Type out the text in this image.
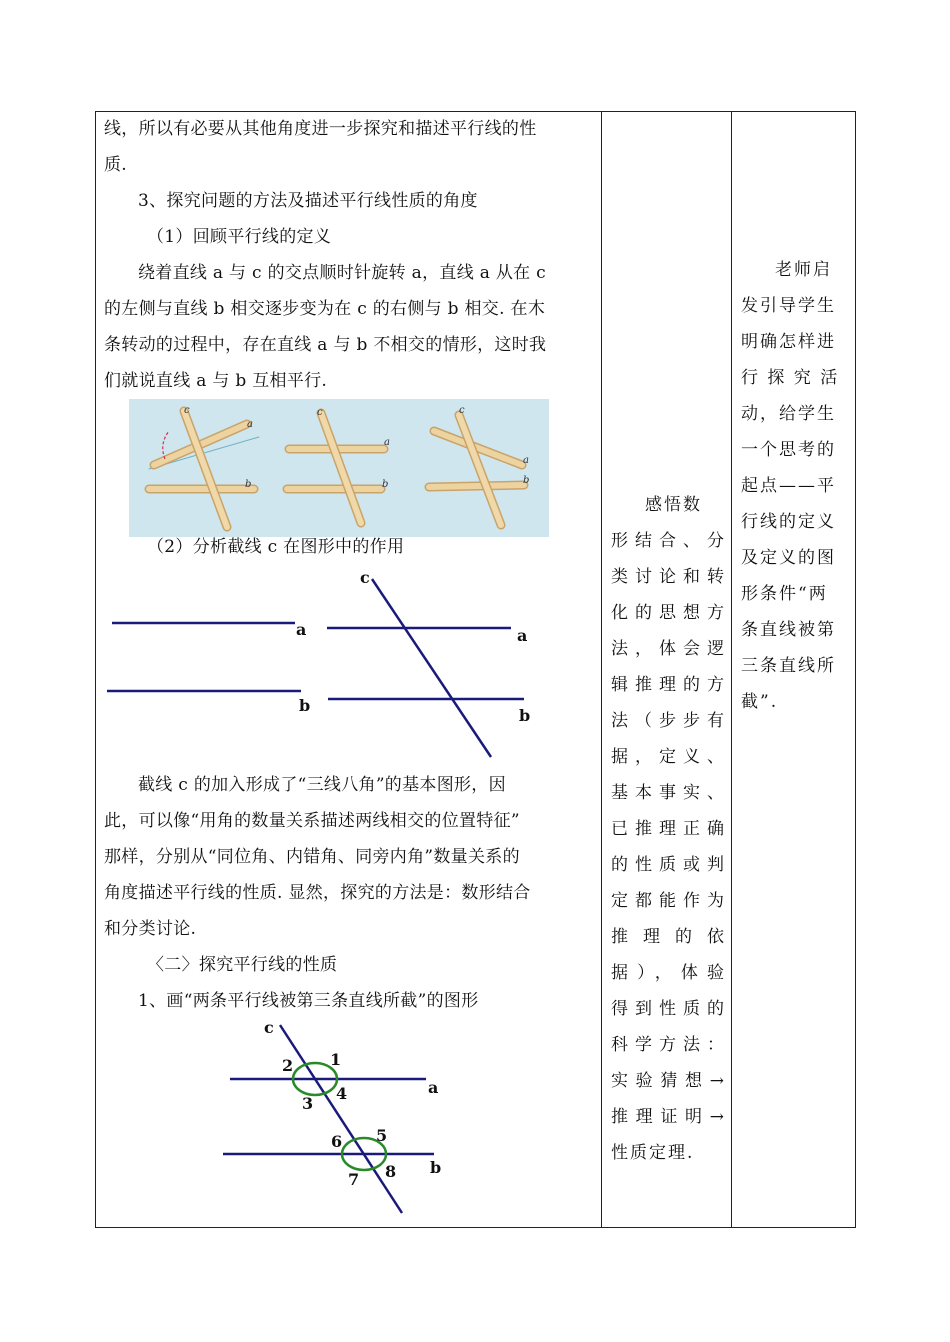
线，所以有必要从其他角度进一步探究和描述平行线的性

质.

3、探究问题的方法及描述平行线性质的角度

（1）回顾平行线的定义

绕着直线 a 与 c 的交点顺时针旋转 a，直线 a 从在 c

的左侧与直线 b 相交逐步变为在 c 的右侧与 b 相交. 在木

条转动的过程中，存在直线 a 与 b 不相交的情形，这时我

们就说直线 a 与 b 互相平行.

c
a
b
c
a
b
c
a
b

（2）分析截线 c 在图形中的作用

a
b
a
b
c

截线 c 的加入形成了“三线八角”的基本图形，因

此，可以像“用角的数量关系描述两线相交的位置特征”

那样，分别从“同位角、内错角、同旁内角”数量关系的

角度描述平行线的性质. 显然，探究的方法是：数形结合

和分类讨论.

〈二〉探究平行线的性质

1、画“两条平行线被第三条直线所截”的图形

c
a
b
1
2
3
4
5
6
7 8
感悟数
形结合、分
类讨论和转
化的思想方
法，体会逻
辑推理的方
法（步步有
据，定义、
基本事实、
已推理正确
的性质或判
定都能作为
推 理 的 依
据），体验
得到性质的
科学方法：
实验猜想→
推理证明→
性质定理.
老师启
发引导学生
明确怎样进
行 探 究 活
动，给学生
一个思考的
起点——平
行线的定义
及定义的图
形条件“两
条直线被第
三条直线所
截”.
